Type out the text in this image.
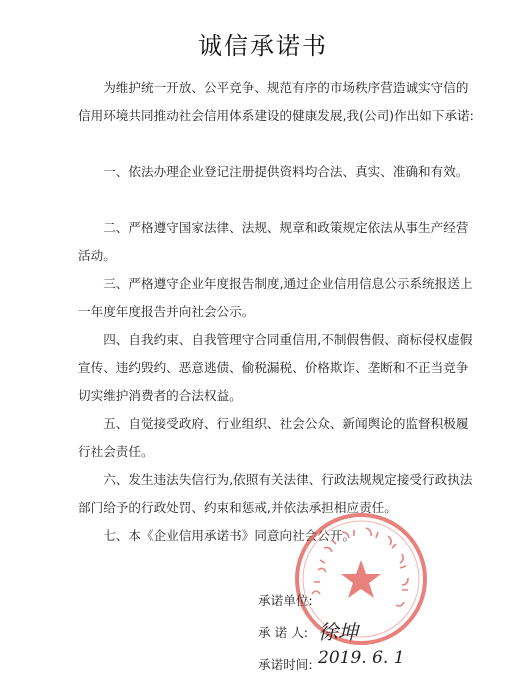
诚信承诺书

为维护统一开放、公平竞争、规范有序的市场秩序营造诚实守信的信用环境共同推动社会信用体系建设的健康发展,我(公司)作出如下承诺:

一、依法办理企业登记注册提供资料均合法、真实、准确和有效。

二、严格遵守国家法律、法规、规章和政策规定依法从事生产经营活动。

三、严格遵守企业年度报告制度,通过企业信用信息公示系统报送上一年度年度报告并向社会公示。

四、自我约束、自我管理守合同重信用,不制假售假、商标侵权虚假宣传、违约毁约、恶意逃债、偷税漏税、价格欺诈、垄断和不正当竞争切实维护消费者的合法权益。

五、自觉接受政府、行业组织、社会公众、新闻舆论的监督积极履行社会责任。

六、发生违法失信行为,依照有关法律、行政法规规定接受行政执法部门给予的行政处罚、约束和惩戒,并依法承担相应责任。

七、本《企业信用承诺书》同意向社会公开。

承诺单位:
承 诺 人: 徐坤
承诺时间: 2019. 6. 1
